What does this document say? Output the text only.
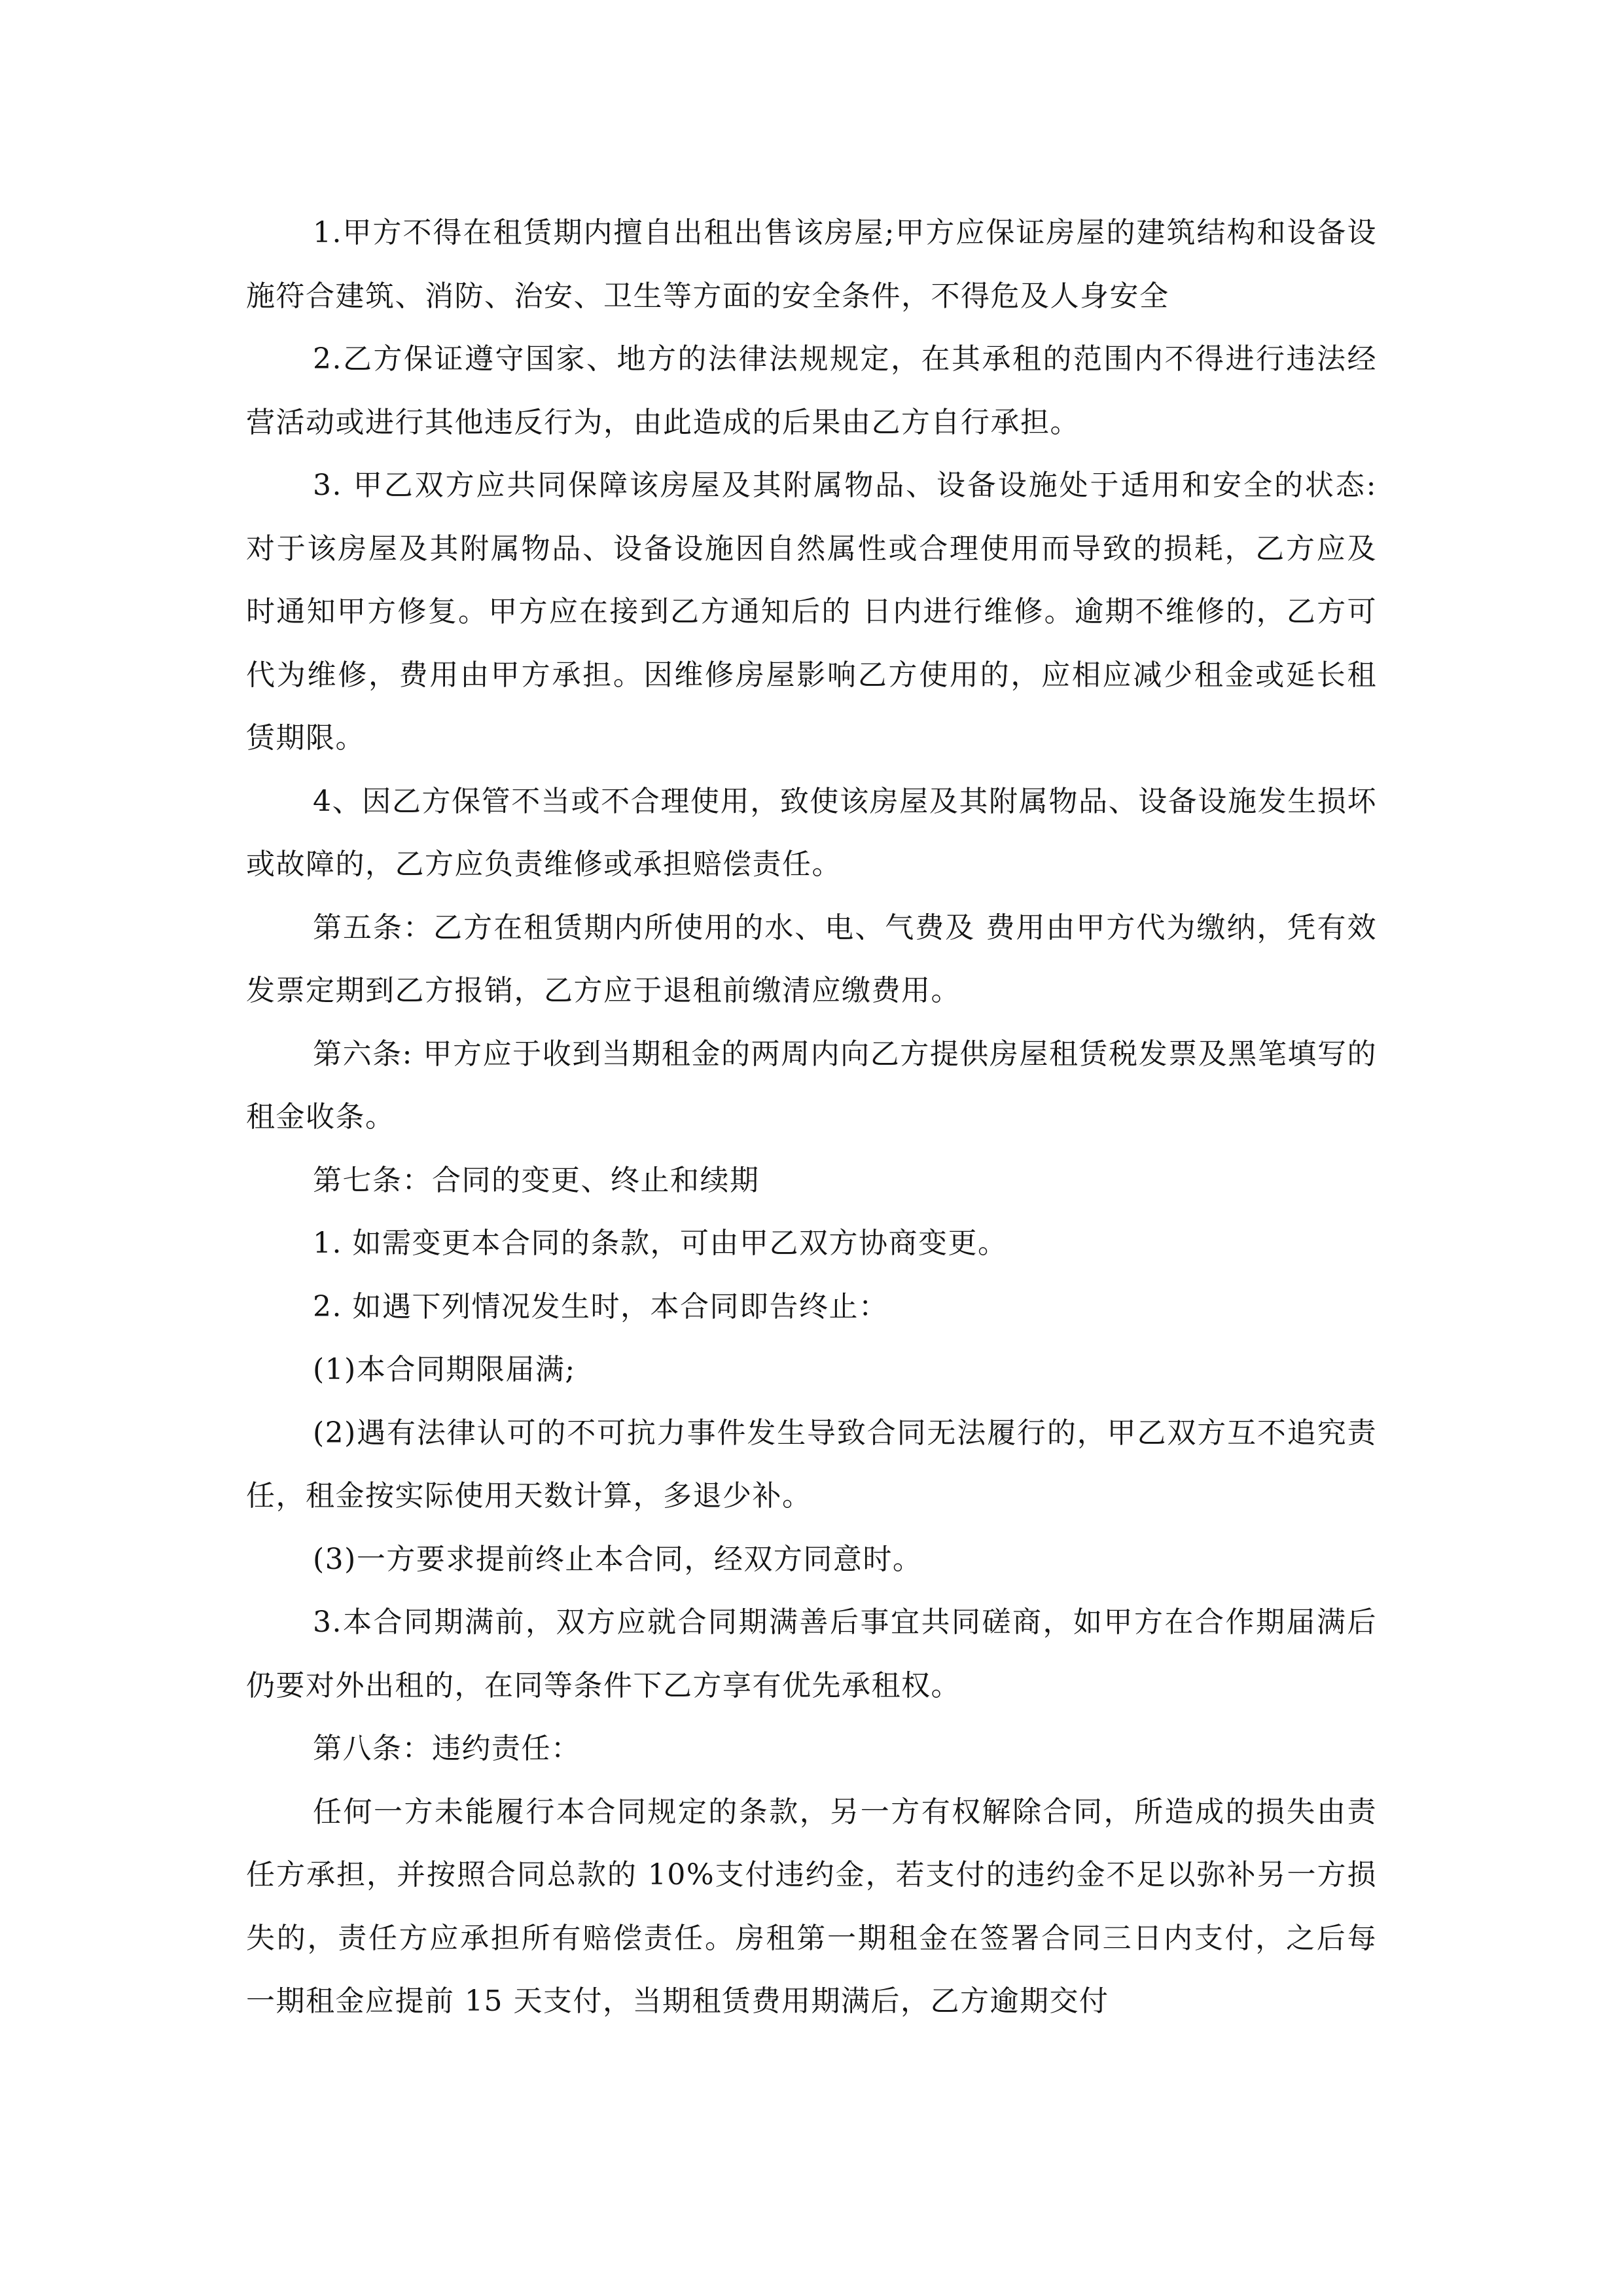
1.甲方不得在租赁期内擅自出租出售该房屋;甲方应保证房屋的建筑结构和设备设施符合建筑、消防、治安、卫生等方面的安全条件，不得危及人身安全

2.乙方保证遵守国家、地方的法律法规规定，在其承租的范围内不得进行违法经营活动或进行其他违反行为，由此造成的后果由乙方自行承担。

3. 甲乙双方应共同保障该房屋及其附属物品、设备设施处于适用和安全的状态: 对于该房屋及其附属物品、设备设施因自然属性或合理使用而导致的损耗，乙方应及时通知甲方修复。甲方应在接到乙方通知后的 日内进行维修。逾期不维修的，乙方可代为维修，费用由甲方承担。因维修房屋影响乙方使用的，应相应减少租金或延长租赁期限。

4、因乙方保管不当或不合理使用，致使该房屋及其附属物品、设备设施发生损坏或故障的，乙方应负责维修或承担赔偿责任。

第五条：乙方在租赁期内所使用的水、电、气费及 费用由甲方代为缴纳，凭有效发票定期到乙方报销，乙方应于退租前缴清应缴费用。

第六条: 甲方应于收到当期租金的两周内向乙方提供房屋租赁税发票及黑笔填写的租金收条。

第七条：合同的变更、终止和续期

1. 如需变更本合同的条款，可由甲乙双方协商变更。

2. 如遇下列情况发生时，本合同即告终止：

(1)本合同期限届满;

(2)遇有法律认可的不可抗力事件发生导致合同无法履行的，甲乙双方互不追究责任，租金按实际使用天数计算，多退少补。

(3)一方要求提前终止本合同，经双方同意时。

3.本合同期满前，双方应就合同期满善后事宜共同磋商，如甲方在合作期届满后仍要对外出租的，在同等条件下乙方享有优先承租权。

第八条：违约责任：

任何一方未能履行本合同规定的条款，另一方有权解除合同，所造成的损失由责任方承担，并按照合同总款的 10%支付违约金，若支付的违约金不足以弥补另一方损失的，责任方应承担所有赔偿责任。房租第一期租金在签署合同三日内支付，之后每一期租金应提前 15 天支付，当期租赁费用期满后，乙方逾期交付
